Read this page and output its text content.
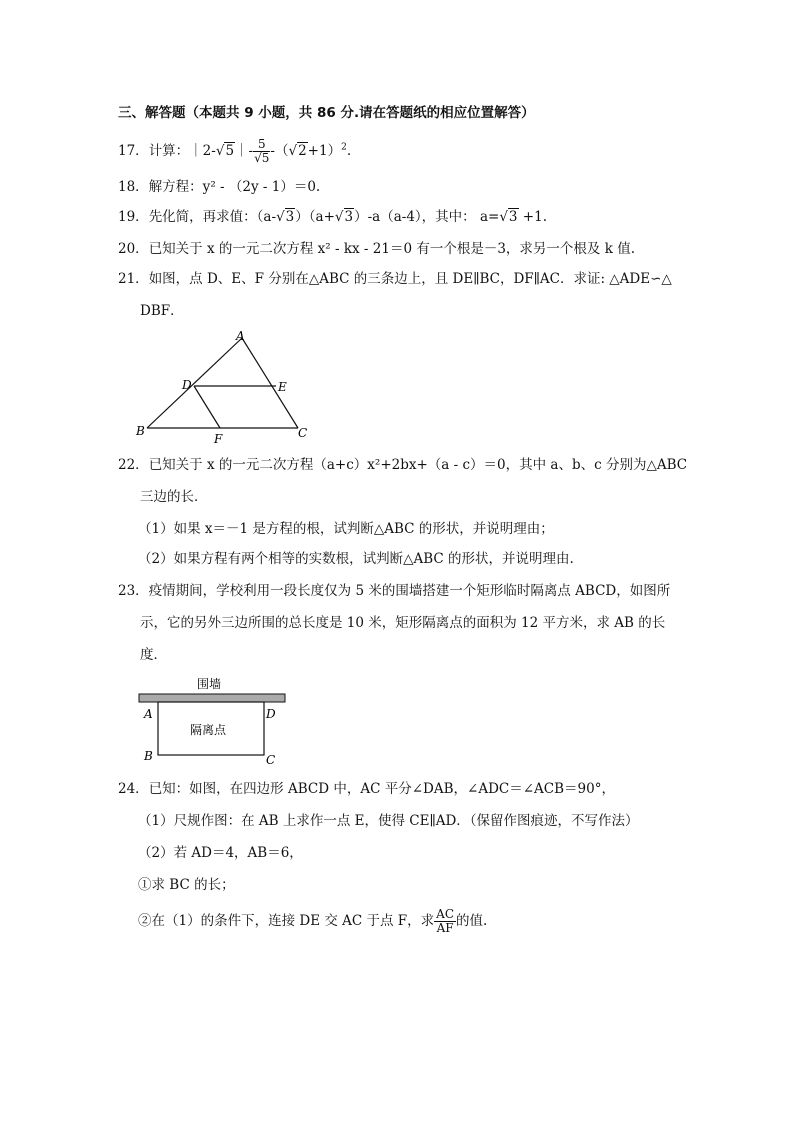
三、解答题（本题共 9 小题，共 86 分.请在答题纸的相应位置解答）
17．计算：｜2-√5｜- $\frac{5}{√5} -(√2+1)^2$.
18．解方程：y² - （2y - 1）＝0.
19．先化简，再求值：（a-√3）（a+√3）-a（a-4），其中： a=√3 +1.
20．已知关于 x 的一元二次方程 x² - kx - 21＝0 有一个根是－3，求另一个根及 k 值.
21．如图，点 D、E、F 分别在△ABC 的三条边上，且 DE∥BC，DF∥AC．求证: △ADE∽△
DBF．
A
B	C
D	E
F
22．已知关于 x 的一元二次方程（a+c）x²+2bx+（a - c）＝0，其中 a、b、c 分别为△ABC
三边的长．
（1）如果 x＝－1 是方程的根，试判断△ABC 的形状，并说明理由；
（2）如果方程有两个相等的实数根，试判断△ABC 的形状，并说明理由.
23．疫情期间，学校利用一段长度仅为 5 米的围墙搭建一个矩形临时隔离点 ABCD，如图所
示，它的另外三边所围的总长度是 10 米，矩形隔离点的面积为 12 平方米，求 AB 的长
度．
围墙
隔离点
A	D
B	C
24．已知：如图，在四边形 ABCD 中，AC 平分∠DAB，∠ADC＝∠ACB＝90°，
（1）尺规作图：在 AB 上求作一点 E，使得 CE∥AD．（保留作图痕迹，不写作法）
（2）若 AD＝4，AB＝6，
①求 BC 的长；
②在（1）的条件下，连接 DE 交 AC 于点 F，求 $\frac{AC}{AF}$ 的值.
